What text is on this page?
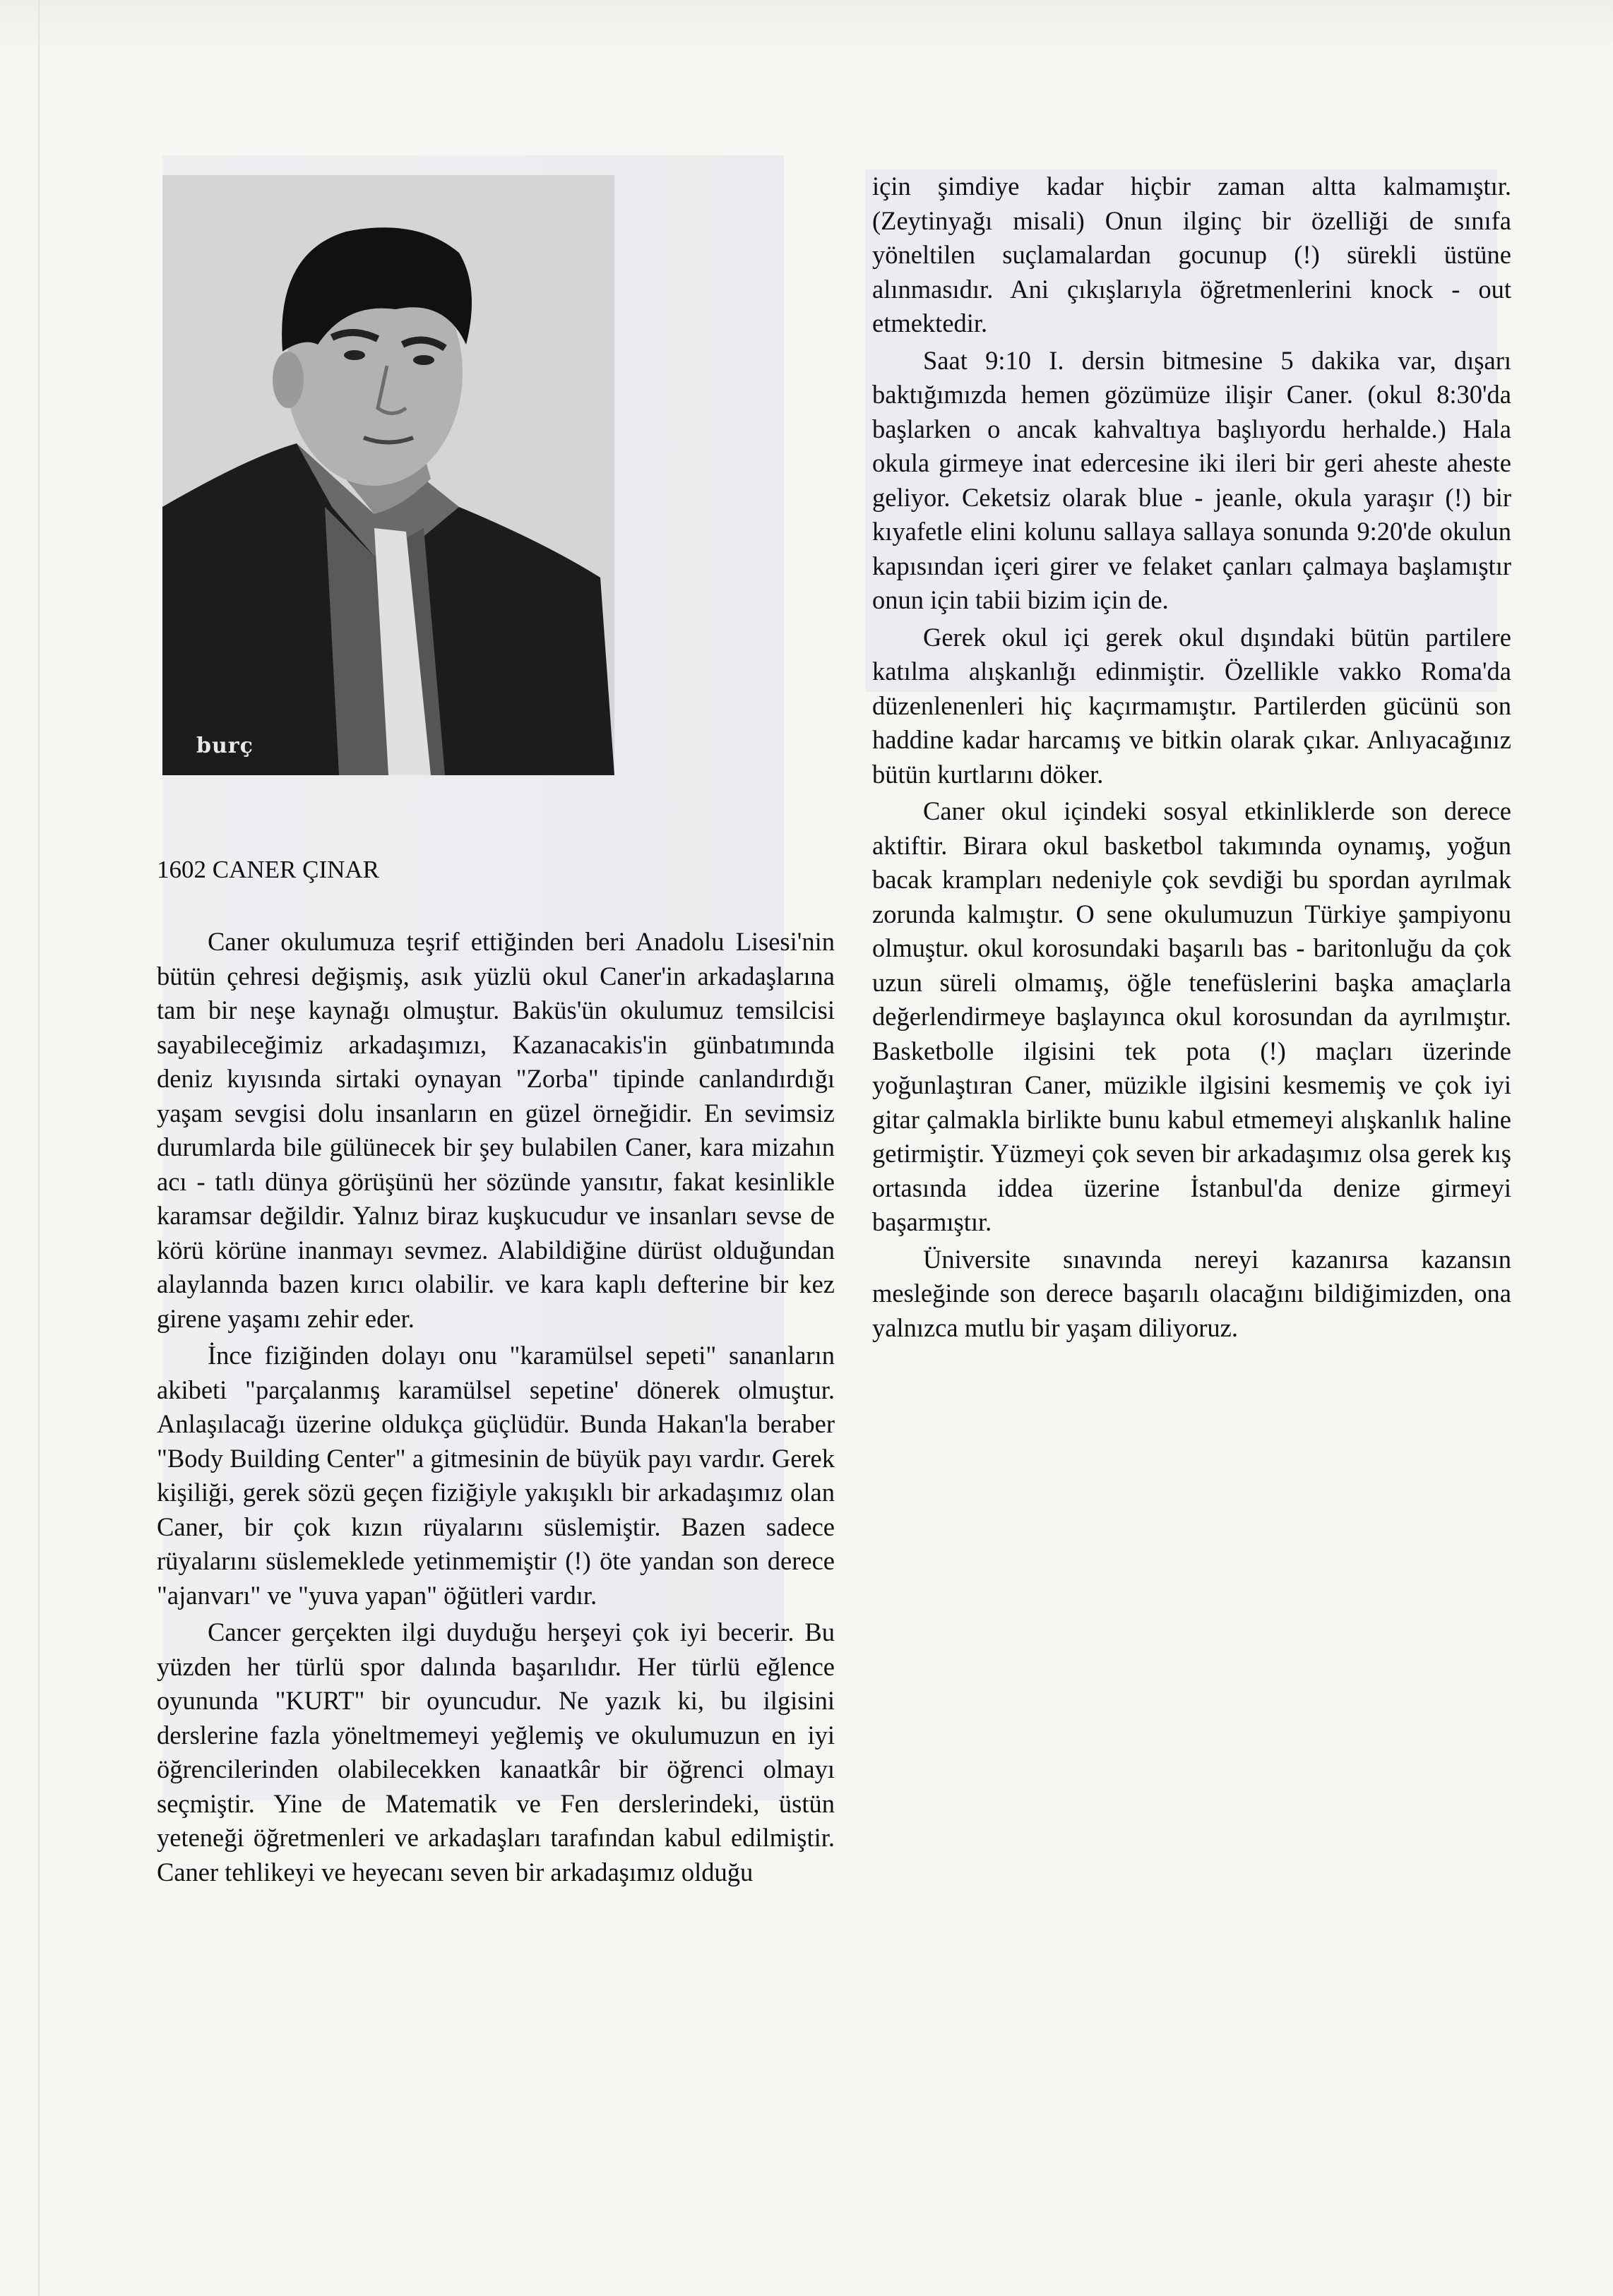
burç
1602 CANER ÇINAR

Caner okulumuza teşrif ettiğinden beri Anadolu Lisesi'nin bütün çehresi değişmiş, asık yüzlü okul Caner'in arkadaşlarına tam bir neşe kaynağı olmuştur. Baküs'ün okulumuz temsilcisi sayabileceğimiz arkadaşımızı, Kazanacakis'in günbatımında deniz kıyısında sirtaki oynayan "Zorba" tipinde canlandırdığı yaşam sevgisi dolu insanların en güzel örneğidir. En sevimsiz durumlarda bile gülünecek bir şey bulabilen Caner, kara mizahın acı - tatlı dünya görüşünü her sözünde yansıtır, fakat kesinlikle karamsar değildir. Yalnız biraz kuşkucudur ve insanları sevse de körü körüne inanmayı sevmez. Alabildiğine dürüst olduğundan alaylannda bazen kırıcı olabilir. ve kara kaplı defterine bir kez girene yaşamı zehir eder.

İnce fiziğinden dolayı onu "karamülsel sepeti" sananların akibeti "parçalanmış karamülsel sepetine' dönerek olmuştur. Anlaşılacağı üzerine oldukça güçlüdür. Bunda Hakan'la beraber "Body Building Center" a gitmesinin de büyük payı vardır. Gerek kişiliği, gerek sözü geçen fiziğiyle yakışıklı bir arkadaşımız olan Caner, bir çok kızın rüyalarını süslemiştir. Bazen sadece rüyalarını süslemeklede yetinmemiştir (!) öte yandan son derece "ajanvarı" ve "yuva yapan" öğütleri vardır.

Cancer gerçekten ilgi duyduğu herşeyi çok iyi becerir. Bu yüzden her türlü spor dalında başarılıdır. Her türlü eğlence oyununda "KURT" bir oyuncudur. Ne yazık ki, bu ilgisini derslerine fazla yöneltmemeyi yeğlemiş ve okulumuzun en iyi öğrencilerinden olabilecekken kanaatkâr bir öğrenci olmayı seçmiştir. Yine de Matematik ve Fen derslerindeki, üstün yeteneği öğretmenleri ve arkadaşları tarafından kabul edilmiştir. Caner tehlikeyi ve heyecanı seven bir arkadaşımız olduğu

için şimdiye kadar hiçbir zaman altta kalmamıştır. (Zeytinyağı misali) Onun ilginç bir özelliği de sınıfa yöneltilen suçlamalardan gocunup (!) sürekli üstüne alınmasıdır. Ani çıkışlarıyla öğretmenlerini knock - out etmektedir.

Saat 9:10 I. dersin bitmesine 5 dakika var, dışarı baktığımızda hemen gözümüze ilişir Caner. (okul 8:30'da başlarken o ancak kahvaltıya başlıyordu herhalde.) Hala okula girmeye inat edercesine iki ileri bir geri aheste aheste geliyor. Ceketsiz olarak blue - jeanle, okula yaraşır (!) bir kıyafetle elini kolunu sallaya sallaya sonunda 9:20'de okulun kapısından içeri girer ve felaket çanları çalmaya başlamıştır onun için tabii bizim için de.

Gerek okul içi gerek okul dışındaki bütün partilere katılma alışkanlığı edinmiştir. Özellikle vakko Roma'da düzenlenenleri hiç kaçırmamıştır. Partilerden gücünü son haddine kadar harcamış ve bitkin olarak çıkar. Anlıyacağınız bütün kurtlarını döker.

Caner okul içindeki sosyal etkinliklerde son derece aktiftir. Birara okul basketbol takımında oynamış, yoğun bacak krampları nedeniyle çok sevdiği bu spordan ayrılmak zorunda kalmıştır. O sene okulumuzun Türkiye şampiyonu olmuştur. okul korosundaki başarılı bas - baritonluğu da çok uzun süreli olmamış, öğle tenefüslerini başka amaçlarla değerlendirmeye başlayınca okul korosundan da ayrılmıştır. Basketbolle ilgisini tek pota (!) maçları üzerinde yoğunlaştıran Caner, müzikle ilgisini kesmemiş ve çok iyi gitar çalmakla birlikte bunu kabul etmemeyi alışkanlık haline getirmiştir. Yüzmeyi çok seven bir arkadaşımız olsa gerek kış ortasında iddea üzerine İstanbul'da denize girmeyi başarmıştır.

Üniversite sınavında nereyi kazanırsa kazansın mesleğinde son derece başarılı olacağını bildiğimizden, ona yalnızca mutlu bir yaşam diliyoruz.
